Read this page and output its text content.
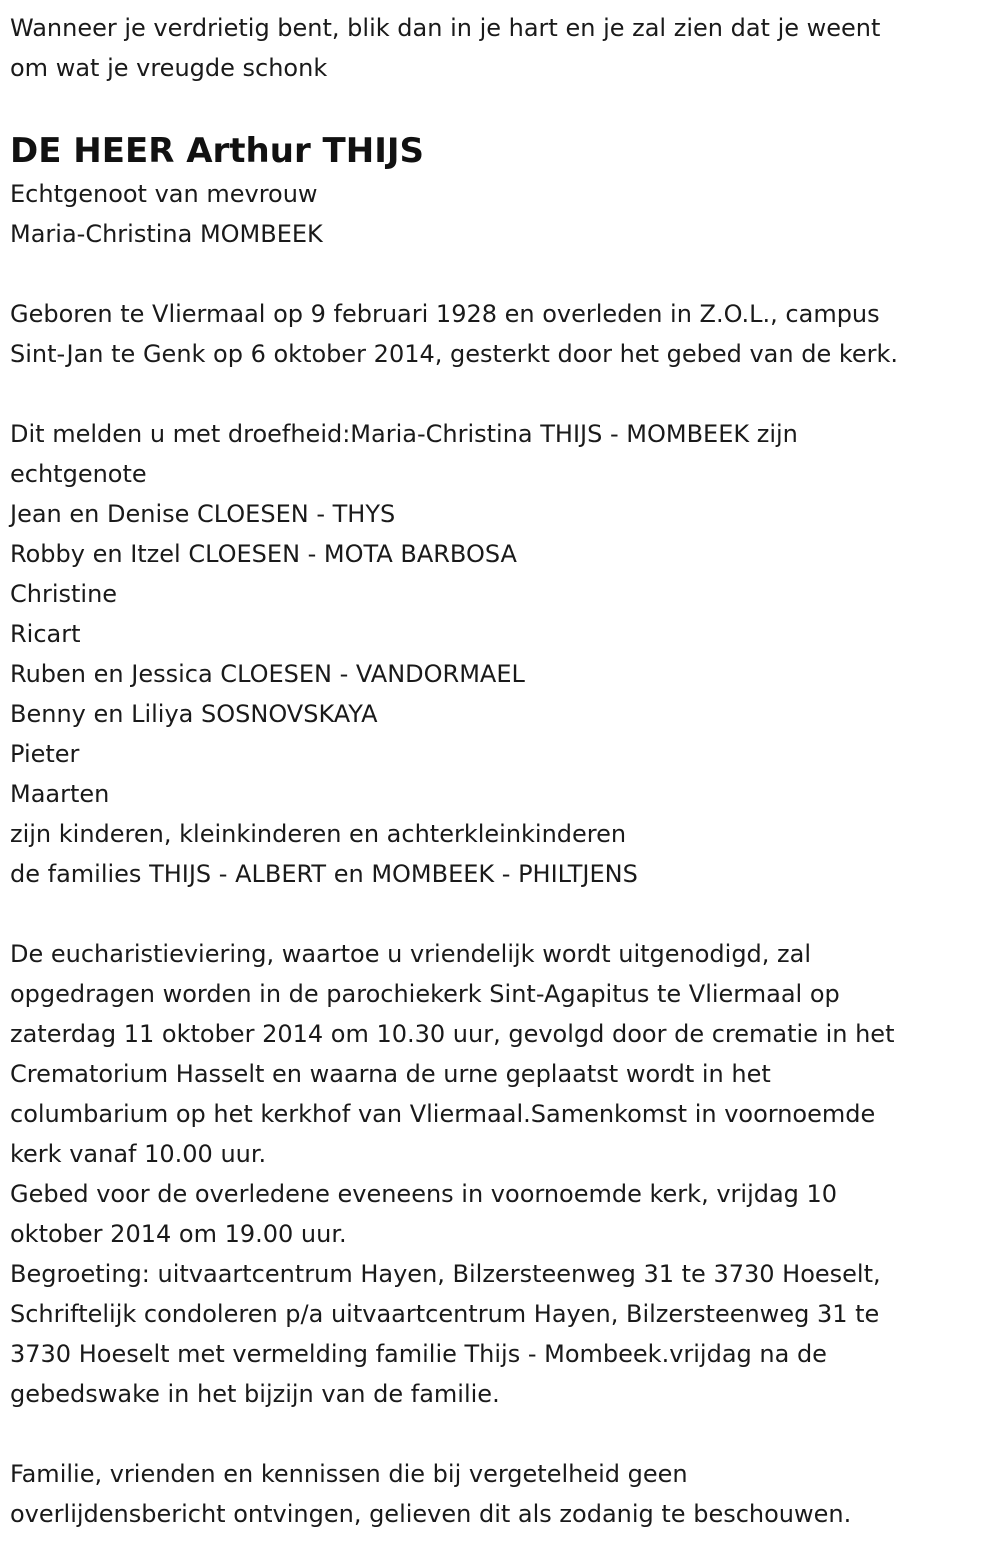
Wanneer je verdrietig bent, blik dan in je hart en je zal zien dat je weent
om wat je vreugde schonk
DE HEER Arthur THIJS
Echtgenoot van mevrouw
Maria-Christina MOMBEEK
Geboren te Vliermaal op 9 februari 1928 en overleden in Z.O.L., campus
Sint-Jan te Genk op 6 oktober 2014, gesterkt door het gebed van de kerk.
Dit melden u met droefheid:Maria-Christina THIJS - MOMBEEK zijn
echtgenote
Jean en Denise CLOESEN - THYS
Robby en Itzel CLOESEN - MOTA BARBOSA
Christine
Ricart
Ruben en Jessica CLOESEN - VANDORMAEL
Benny en Liliya SOSNOVSKAYA
Pieter
Maarten
zijn kinderen, kleinkinderen en achterkleinkinderen
de families THIJS - ALBERT en MOMBEEK - PHILTJENS
De eucharistieviering, waartoe u vriendelijk wordt uitgenodigd, zal
opgedragen worden in de parochiekerk Sint-Agapitus te Vliermaal op
zaterdag 11 oktober 2014 om 10.30 uur, gevolgd door de crematie in het
Crematorium Hasselt en waarna de urne geplaatst wordt in het
columbarium op het kerkhof van Vliermaal.Samenkomst in voornoemde
kerk vanaf 10.00 uur.
Gebed voor de overledene eveneens in voornoemde kerk, vrijdag 10
oktober 2014 om 19.00 uur.
Begroeting: uitvaartcentrum Hayen, Bilzersteenweg 31 te 3730 Hoeselt,
Schriftelijk condoleren p/a uitvaartcentrum Hayen, Bilzersteenweg 31 te
3730 Hoeselt met vermelding familie Thijs - Mombeek.vrijdag na de
gebedswake in het bijzijn van de familie.
Familie, vrienden en kennissen die bij vergetelheid geen
overlijdensbericht ontvingen, gelieven dit als zodanig te beschouwen.
